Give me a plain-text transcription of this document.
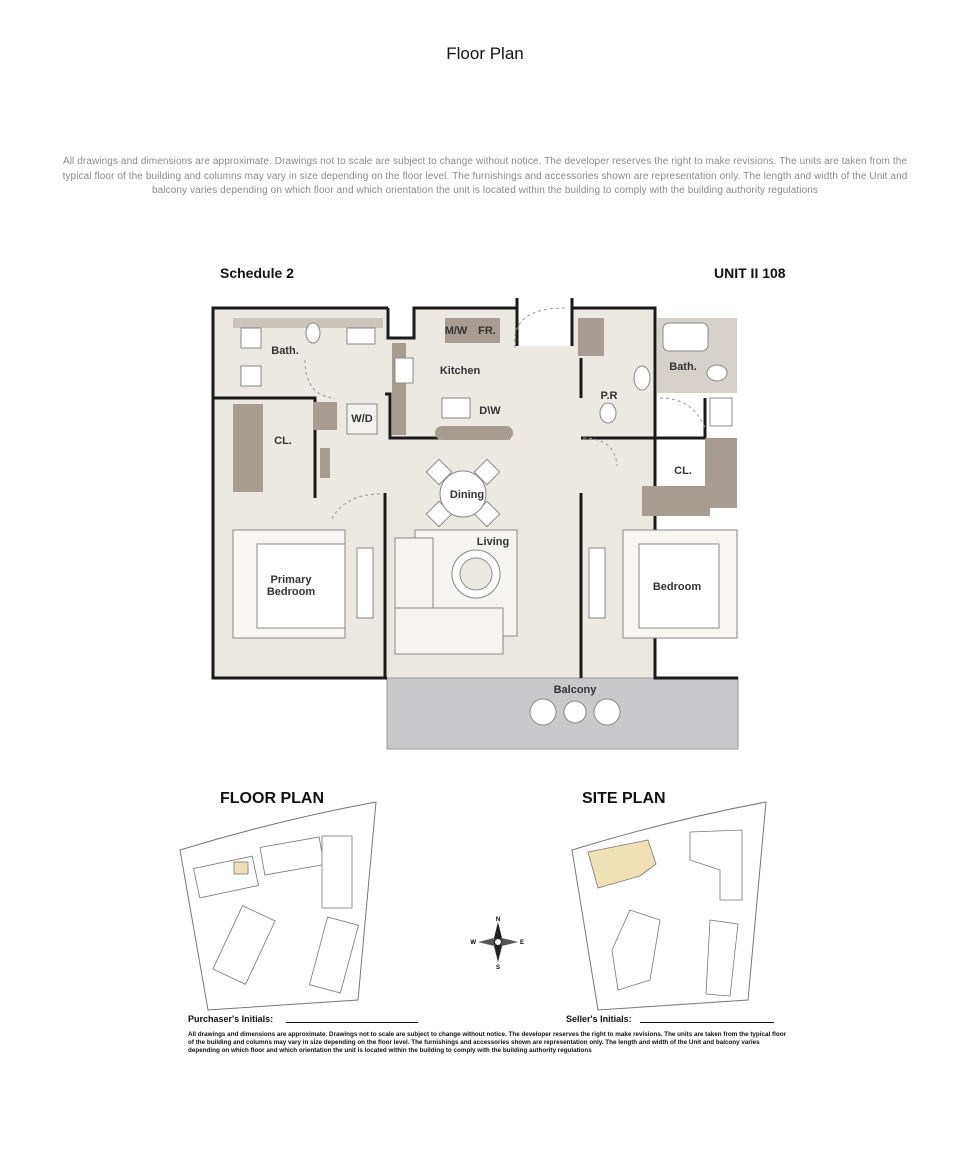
Floor Plan
All drawings and dimensions are approximate. Drawings not to scale are subject to change without notice. The developer reserves the right to make revisions. The units are taken from the typical floor of the building and columns may vary in size depending on the floor level. The furnishings and accessories shown are representation only. The length and width of the Unit and balcony varies depending on which floor and which orientation the unit is located within the building to comply with the building authority regulations
Schedule 2	UNIT II 108
Bath.
M/W FR.
Kitchen
D\W
P.R
Bath.
W/D
CL.
CL.
Dining
Living
Primary
Bedroom	Bedroom
Balcony
FLOOR PLAN	SITE PLAN
N
S
E
W
Purchaser's Initials:	Seller's Initials:
All drawings and dimensions are approximate. Drawings not to scale are subject to change without notice. The developer reserves the right to make revisions. The units are taken from the typical floor of the building and columns may vary in size depending on the floor level. The furnishings and accessories shown are representation only. The length and width of the Unit and balcony varies depending on which floor and which orientation the unit is located within the building to comply with the building authority regulations
